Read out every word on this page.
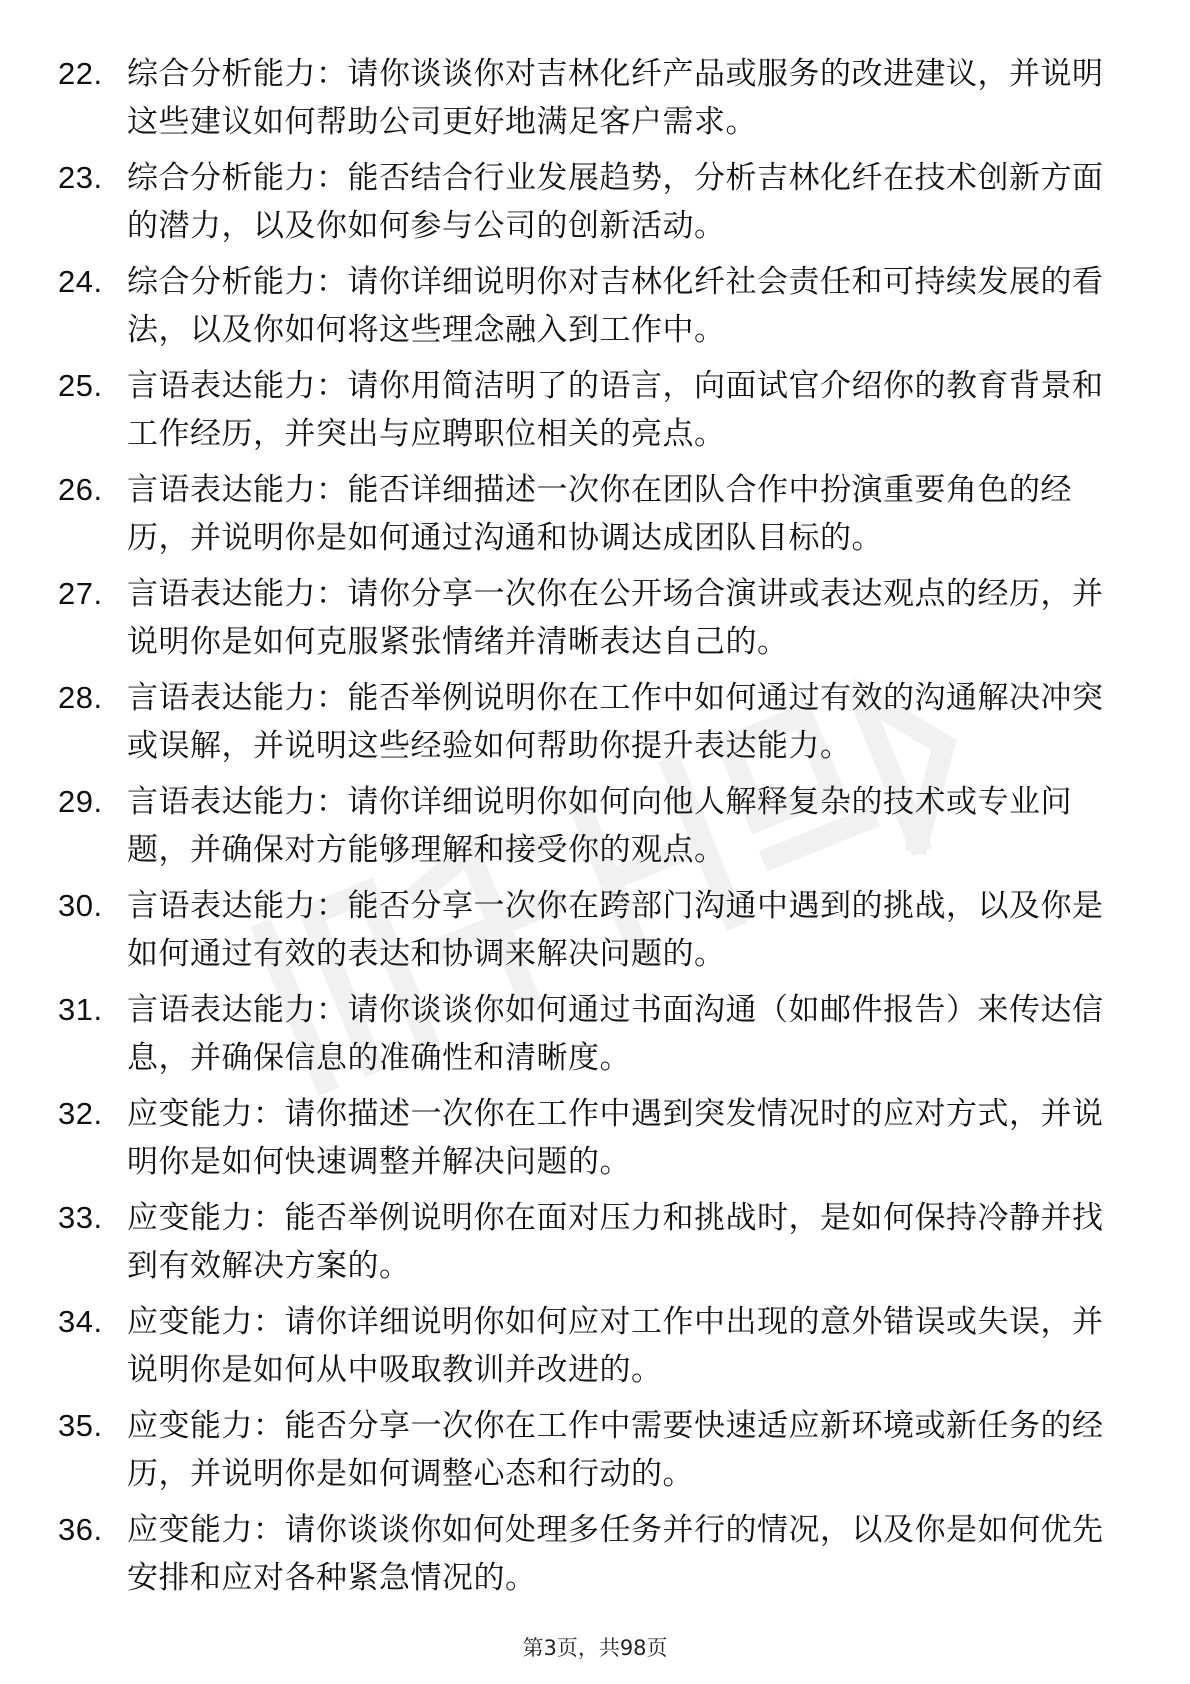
22. 综合分析能力：请你谈谈你对吉林化纤产品或服务的改进建议，并说明这些建议如何帮助公司更好地满足客户需求。
23. 综合分析能力：能否结合行业发展趋势，分析吉林化纤在技术创新方面的潜力，以及你如何参与公司的创新活动。
24. 综合分析能力：请你详细说明你对吉林化纤社会责任和可持续发展的看法，以及你如何将这些理念融入到工作中。
25. 言语表达能力：请你用简洁明了的语言，向面试官介绍你的教育背景和工作经历，并突出与应聘职位相关的亮点。
26. 言语表达能力：能否详细描述一次你在团队合作中扮演重要角色的经历，并说明你是如何通过沟通和协调达成团队目标的。
27. 言语表达能力：请你分享一次你在公开场合演讲或表达观点的经历，并说明你是如何克服紧张情绪并清晰表达自己的。
28. 言语表达能力：能否举例说明你在工作中如何通过有效的沟通解决冲突或误解，并说明这些经验如何帮助你提升表达能力。
29. 言语表达能力：请你详细说明你如何向他人解释复杂的技术或专业问题，并确保对方能够理解和接受你的观点。
30. 言语表达能力：能否分享一次你在跨部门沟通中遇到的挑战，以及你是如何通过有效的表达和协调来解决问题的。
31. 言语表达能力：请你谈谈你如何通过书面沟通（如邮件报告）来传达信息，并确保信息的准确性和清晰度。
32. 应变能力：请你描述一次你在工作中遇到突发情况时的应对方式，并说明你是如何快速调整并解决问题的。
33. 应变能力：能否举例说明你在面对压力和挑战时，是如何保持冷静并找到有效解决方案的。
34. 应变能力：请你详细说明你如何应对工作中出现的意外错误或失误，并说明你是如何从中吸取教训并改进的。
35. 应变能力：能否分享一次你在工作中需要快速适应新环境或新任务的经历，并说明你是如何调整心态和行动的。
36. 应变能力：请你谈谈你如何处理多任务并行的情况，以及你是如何优先安排和应对各种紧急情况的。
第3页，共98页
